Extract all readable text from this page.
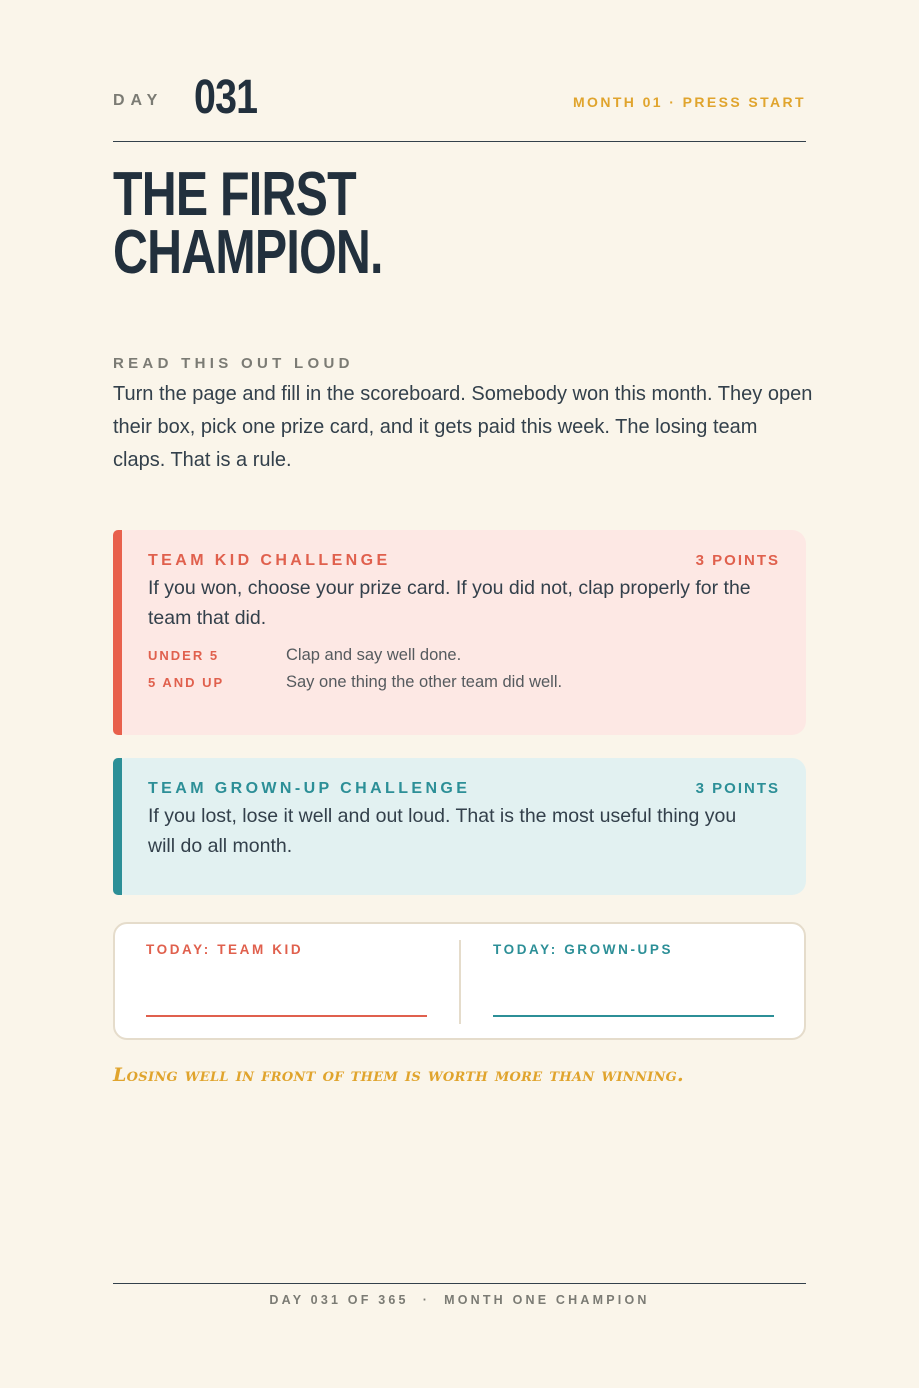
DAY 031	MONTH 01 · PRESS START
THE FIRST
CHAMPION.
READ THIS OUT LOUD
Turn the page and fill in the scoreboard. Somebody won this month. They open their box, pick one prize card, and it gets paid this week. The losing team claps. That is a rule.
TEAM KID CHALLENGE	3 POINTS
If you won, choose your prize card. If you did not, clap properly for the team that did.
UNDER 5	Clap and say well done.
5 AND UP	Say one thing the other team did well.
TEAM GROWN-UP CHALLENGE	3 POINTS
If you lost, lose it well and out loud. That is the most useful thing you will do all month.
TODAY: TEAM KID	TODAY: GROWN-UPS
Losing well in front of them is worth more than winning.
DAY 031 OF 365 · MONTH ONE CHAMPION
